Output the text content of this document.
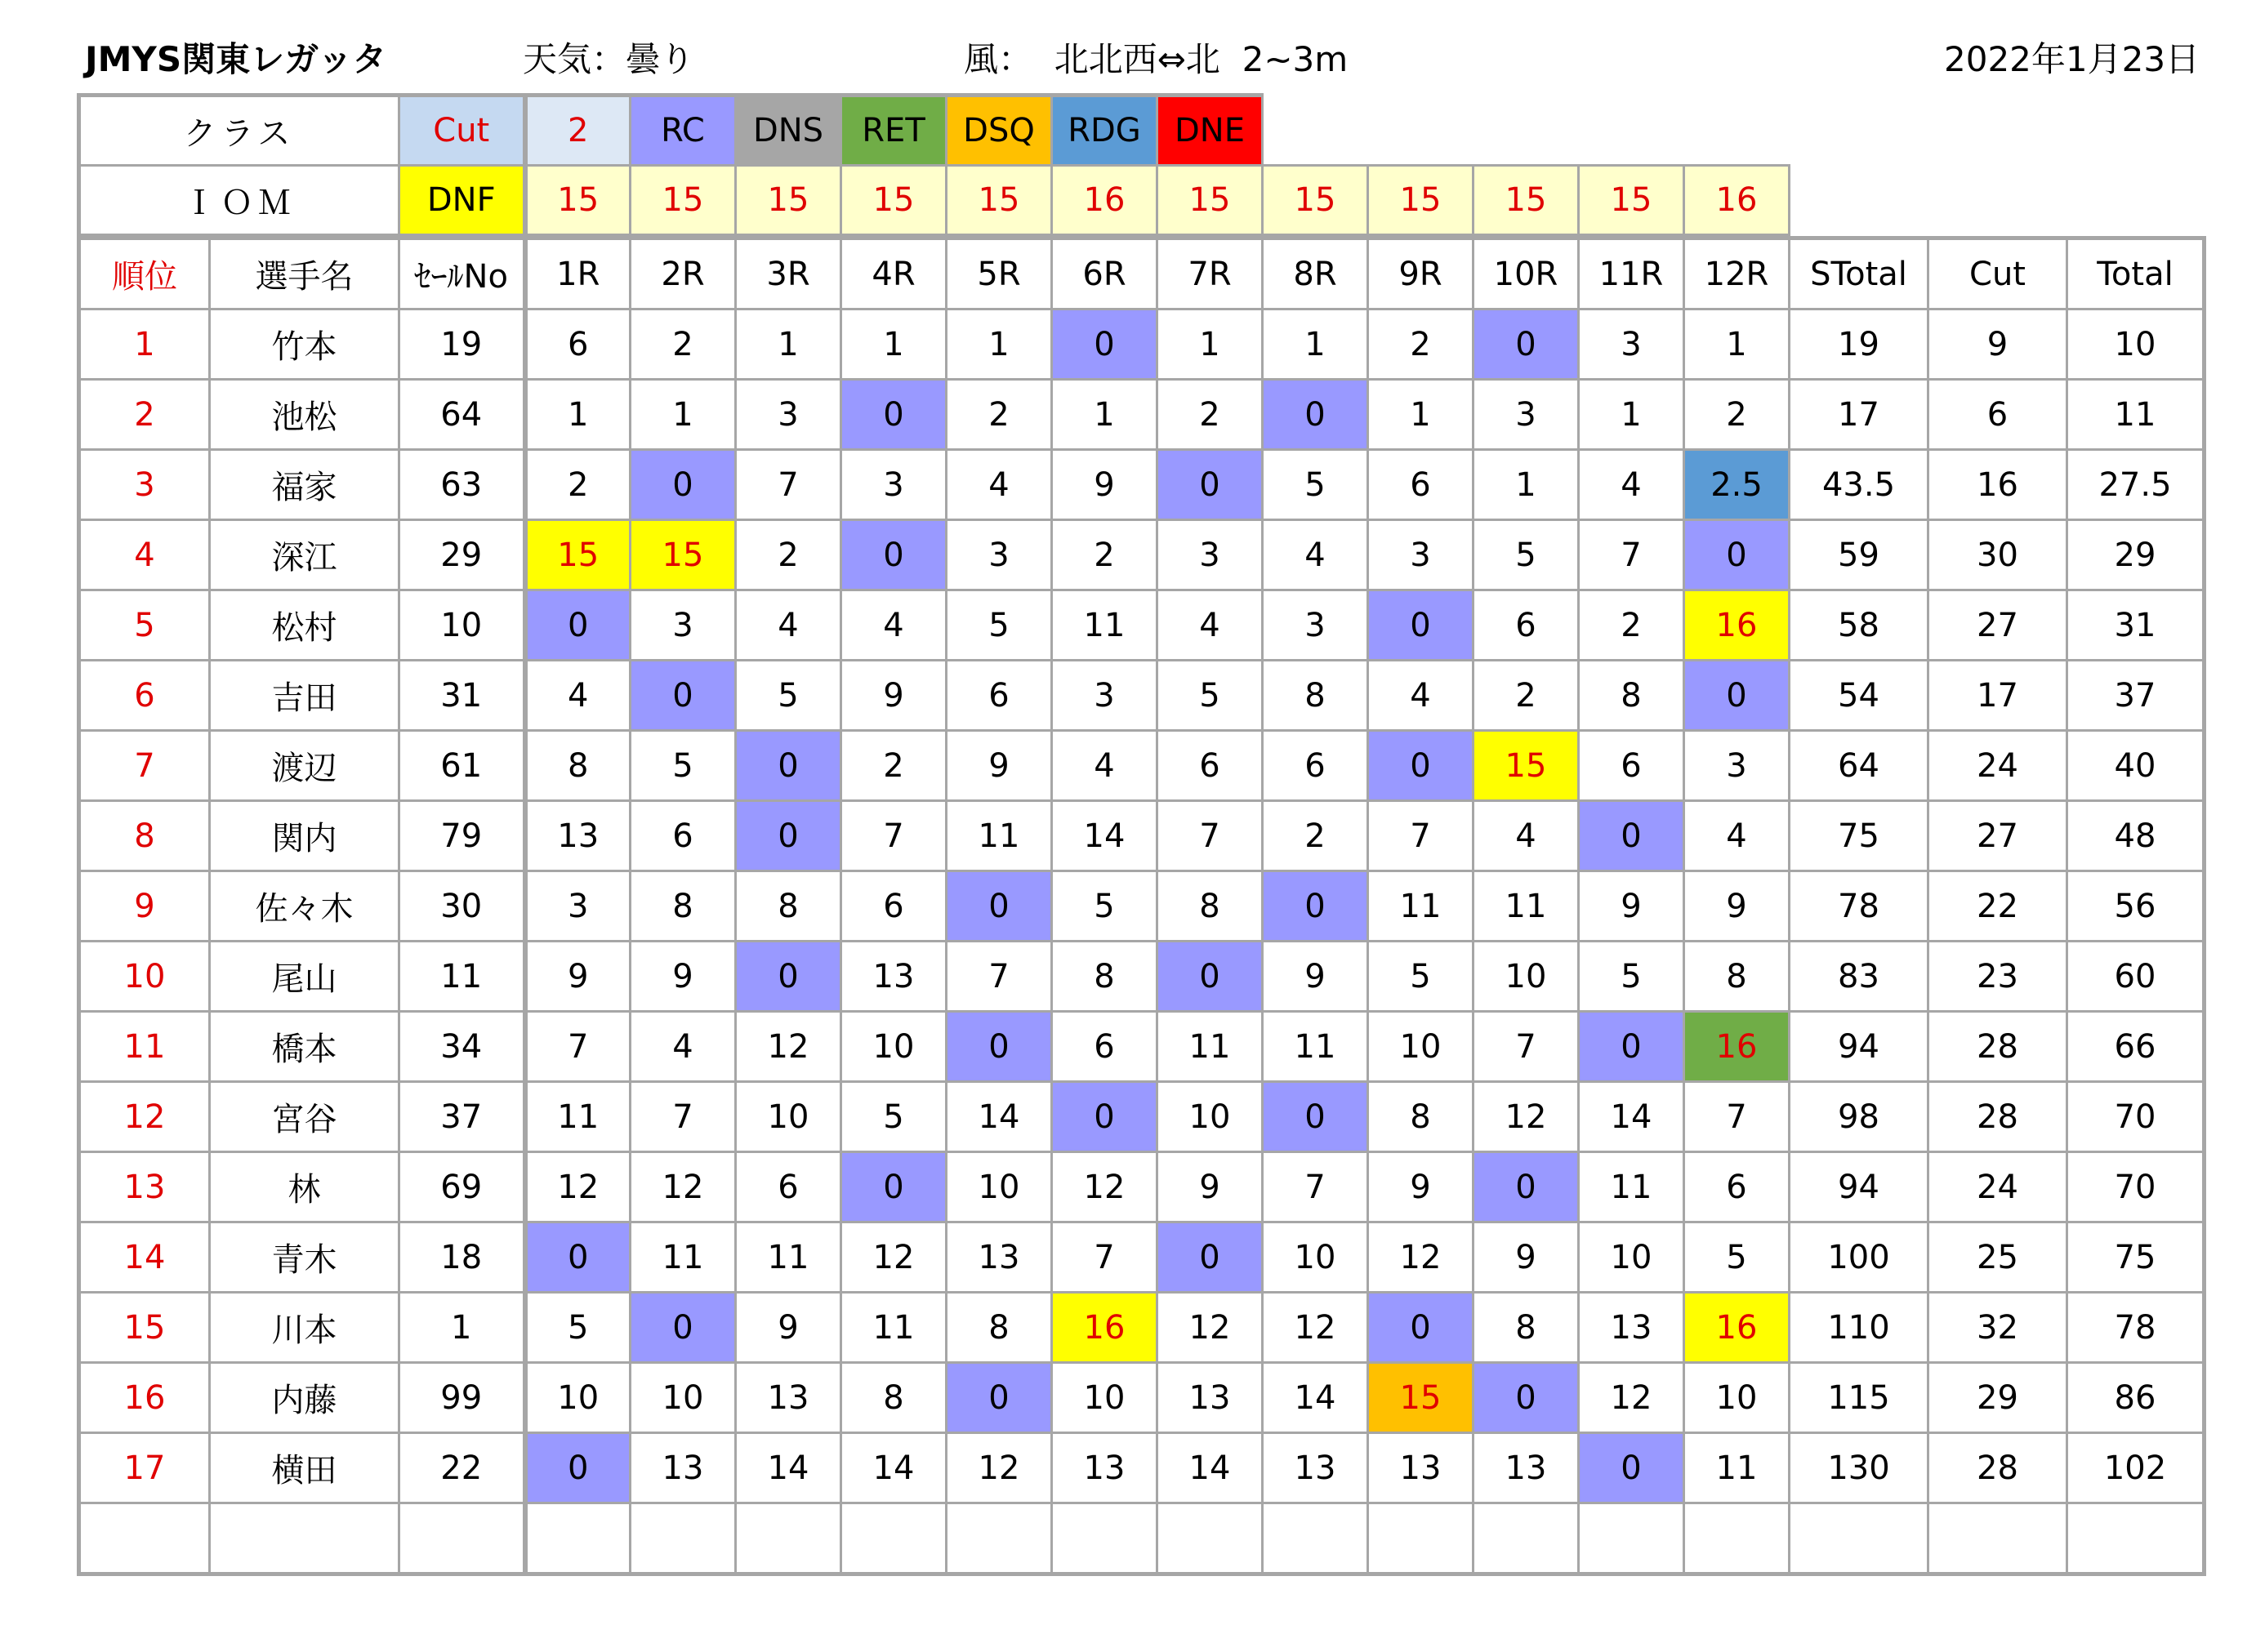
JMYS関東レガッタ	天気：曇り	風：  北北西⇔北  2~3m	2022年1月23日
クラス	Cut	2	RC	DNS	RET	DSQ	RDG	DNE					
ＩＯＭ	DNF	15	15	15	15	15	16	15	15	15	15	15	16
順位	選手名	ｾｰﾙNo	1R	2R	3R	4R	5R	6R	7R	8R	9R	10R	11R	12R	STotal	Cut	Total
1	竹本	19	6	2	1	1	1	0	1	1	2	0	3	1	19	9	10
2	池松	64	1	1	3	0	2	1	2	0	1	3	1	2	17	6	11
3	福家	63	2	0	7	3	4	9	0	5	6	1	4	2.5	43.5	16	27.5
4	深江	29	15	15	2	0	3	2	3	4	3	5	7	0	59	30	29
5	松村	10	0	3	4	4	5	11	4	3	0	6	2	16	58	27	31
6	吉田	31	4	0	5	9	6	3	5	8	4	2	8	0	54	17	37
7	渡辺	61	8	5	0	2	9	4	6	6	0	15	6	3	64	24	40
8	関内	79	13	6	0	7	11	14	7	2	7	4	0	4	75	27	48
9	佐々木	30	3	8	8	6	0	5	8	0	11	11	9	9	78	22	56
10	尾山	11	9	9	0	13	7	8	0	9	5	10	5	8	83	23	60
11	橋本	34	7	4	12	10	0	6	11	11	10	7	0	16	94	28	66
12	宮谷	37	11	7	10	5	14	0	10	0	8	12	14	7	98	28	70
13	林	69	12	12	6	0	10	12	9	7	9	0	11	6	94	24	70
14	青木	18	0	11	11	12	13	7	0	10	12	9	10	5	100	25	75
15	川本	1	5	0	9	11	8	16	12	12	0	8	13	16	110	32	78
16	内藤	99	10	10	13	8	0	10	13	14	15	0	12	10	115	29	86
17	横田	22	0	13	14	14	12	13	14	13	13	13	0	11	130	28	102
